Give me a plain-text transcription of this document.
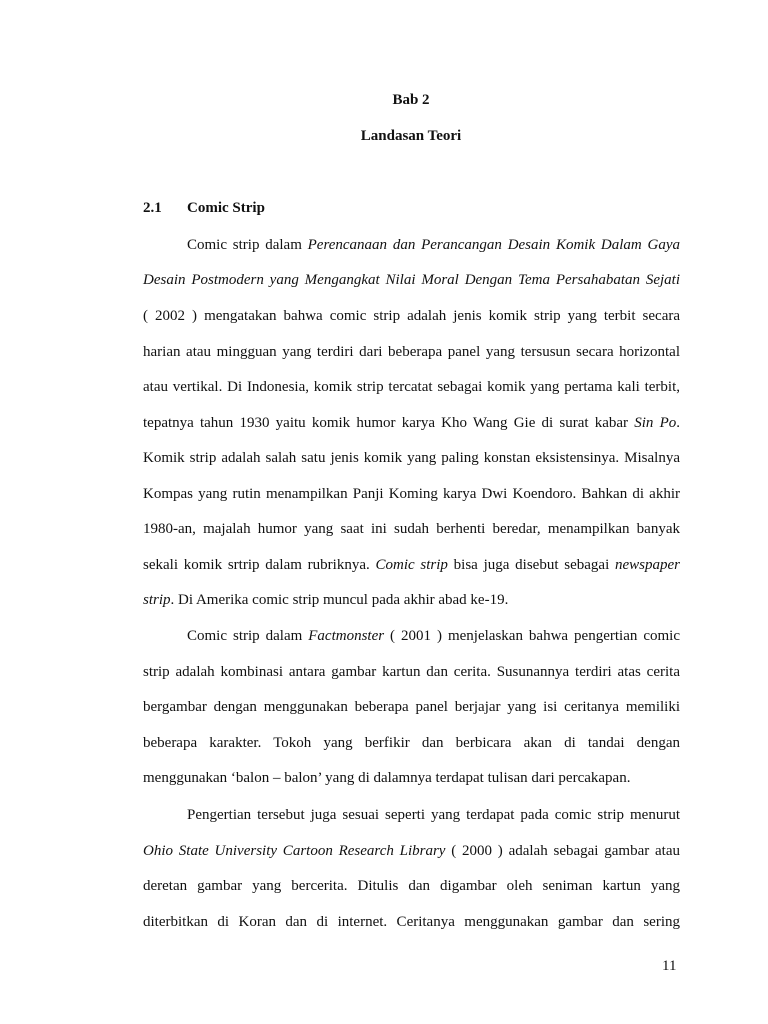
Bab 2
Landasan Teori
2.1 Comic Strip
Comic strip dalam Perencanaan dan Perancangan Desain Komik Dalam Gaya
Desain Postmodern yang Mengangkat Nilai Moral Dengan Tema Persahabatan Sejati
( 2002 ) mengatakan bahwa comic strip adalah jenis komik strip yang terbit secara
harian atau mingguan yang terdiri dari beberapa panel yang tersusun secara horizontal
atau vertikal. Di Indonesia, komik strip tercatat sebagai komik yang pertama kali terbit,
tepatnya tahun 1930 yaitu komik humor karya Kho Wang Gie di surat kabar Sin Po.
Komik strip adalah salah satu jenis komik yang paling konstan eksistensinya. Misalnya
Kompas yang rutin menampilkan Panji Koming karya Dwi Koendoro. Bahkan di akhir
1980-an, majalah humor yang saat ini sudah berhenti beredar, menampilkan banyak
sekali komik srtrip dalam rubriknya. Comic strip bisa juga disebut sebagai newspaper
strip. Di Amerika comic strip muncul pada akhir abad ke-19.
Comic strip dalam Factmonster ( 2001 ) menjelaskan bahwa pengertian comic
strip adalah kombinasi antara gambar kartun dan cerita. Susunannya terdiri atas cerita
bergambar dengan menggunakan beberapa panel berjajar yang isi ceritanya memiliki
beberapa karakter. Tokoh yang berfikir dan berbicara akan di tandai dengan
menggunakan ‘balon – balon’ yang di dalamnya terdapat tulisan dari percakapan.
Pengertian tersebut juga sesuai seperti yang terdapat pada comic strip menurut
Ohio State University Cartoon Research Library ( 2000 ) adalah sebagai gambar atau
deretan gambar yang bercerita. Ditulis dan digambar oleh seniman kartun yang
diterbitkan di Koran dan di internet. Ceritanya menggunakan gambar dan sering
11
